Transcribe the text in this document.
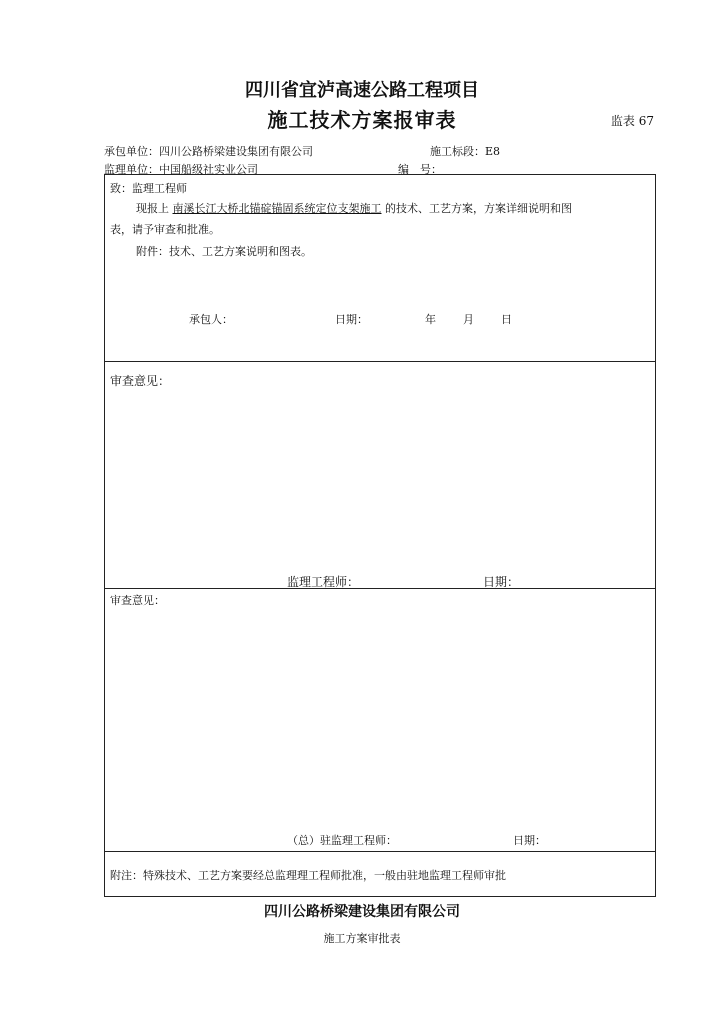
四川省宜泸高速公路工程项目
施工技术方案报审表	监表 67
承包单位：四川公路桥梁建设集团有限公司	施工标段：E8
监理单位：中国船级社实业公司	编　号：
致：监理工程师
现报上 南溪长江大桥北锚碇锚固系统定位支架施工 的技术、工艺方案，方案详细说明和图
表，请予审查和批准。
附件：技术、工艺方案说明和图表。
承包人：	日期：	年 月 日
审查意见：
监理工程师：	日期：
审查意见：
（总）驻监理工程师：	日期：
附注：特殊技术、工艺方案要经总监理理工程师批准，一般由驻地监理工程师审批
四川公路桥梁建设集团有限公司
施工方案审批表
